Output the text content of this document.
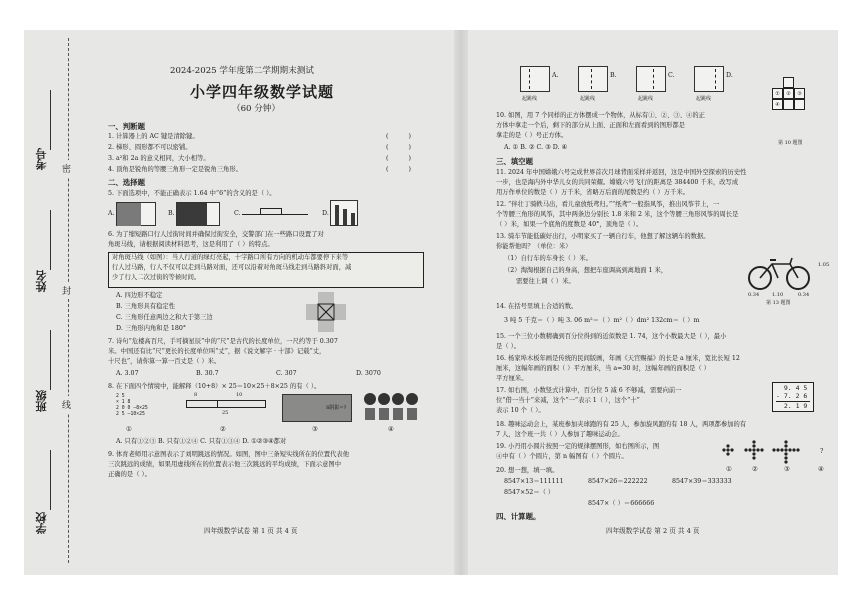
考号
姓名
班级
学校
密
封
线
2024-2025 学年度第二学期期末测试
小学四年级数学试题
（60 分钟）
一、判断题
1. 计算器上的 AC 键是清除键。	(          )
2. 梯形、圆形都不可以密铺。	(          )
3. a²和 2a 的意义相同，大小相等。	(          )
4. 顶角是锐角的等腰三角形一定是锐角三角形。	(          )
二、选择题
5. 下面选项中，不能正确表示 1.64 中“6”的含义的是（ ）。
A.	B.	C.	D.
6. 为了缩短路口行人过街时间并确保过街安全，交警部门在一些路口设置了对
角斑马线，请根据阅读材料思考，这是利用了（ ）的特点。
对角斑马线（如图）：当人行道的绿灯亮起，十字路口所有方向的机动车都要停下来等
行人过马路，行人不仅可以走到马路对面，还可以沿着对角斑马线走到马路斜对面，减
少了行人二次过街的等候时间。
A. 四边形不稳定
B. 三角形具有稳定性
C. 三角形任意两边之和大于第三边
D. 三角形内角和是 180°
7. 诗句“危楼高百尺，手可摘星辰”中的“尺”是古代的长度单位，一尺约等于 0.307
米。中国还有比“尺”更长的长度单位叫“丈”，据《说文解字 · 十部》记载“丈，
十尺也”，请你算一算一百丈是（ ）米。
A. 3.07	B. 30.7	C. 307	D. 3070
8. 在下面四个情境中，能解释（10+8）× 25＝10×25＋8×25 的有（ ）。
2 5
× 1 8
2 0 0 —8×25
2 5 —10×25
8	10
25
S阴影=?
①	②	③	④
A. 只有①②③ B. 只有①②④ C. 只有①③④ D. ①②③④都对
9. 体育老师用示意图表示了刘明跳远的情况。如图，图中三条短实线所在的位置代表他
三次跳远的成绩，如果用虚线所在的位置表示他三次跳远的平均成绩，下面示意图中
正确的是（ ）。
四年级数学试卷 第 1 页 共 4 页
A.
起跳线
B.
起跳线
C.
起跳线
D.
起跳线
①	②	③
④
第 10 题图
10. 如图，用 7 个同样的正方体摆成一个物体，从标有①、②、③、④的正
方体中拿走一个后，剩下的部分从上面、正面和左面看到的图形都是
拿走的是（ ）号正方体。
A. ① B. ② C. ③ D. ④
三、填空题
11. 2024 年中国嫦娥六号完成世界首次月球背面采样并返回，这是中国外空探索的历史性
一步，也是海内外中华儿女的共同荣耀。嫦娥六号飞行的距离是 384400 千米，改写成
用万作单位的数是（ ）万千米，省略万后面的尾数是约（ ）万千米。
12. “伴壮丁骑帙马出，看儿童放纸鸢归。”“纸鸢”一般指风筝，推出风筝节上，一
个等腰三角形的风筝，其中两条边分别长 1.8 米和 2 米，这个等腰三角形风筝的周长是
（ ）米，如果一个底角的度数是 40°，顶角是（ ）。
13. 骑车节能低碳好出行，小明家买了一辆自行车，他想了解这辆车的数据。
你能帮他吗？（单位：米）
（1）自行车的车身长（ ）米。
（2）淘淘根据自己的身高，想把车座调高到离地面 1 米，
需要往上调（ ）米。
0.34	1.10	0.34
1.05
第 13 题图
14. 在括号里填上合适的数。
3 吨 5 千克＝（ ）吨 3. 06 m²＝（ ）m²（ ）dm² 132cm＝（ ）m
15. 一个三位小数精确到百分位得到的近似数是 1. 74，这个小数最大是（ ），最小
是（ ）。
16. 杨家埠木板年画是传统的民间版画，年画《天官赐福》的长是 a 厘米，宽比长短 12
厘米，这幅年画的面积（ ）平方厘米，当 a=30 时，这幅年画的面积是（ ）
平方厘米。
17. 如右图，小数竖式计算中，百分位 5 减 6 不够减，需要向前一
位“借一当十”来减，这个“一”表示 1（ ），这个“十”
表示 10 个（ ）。
9. 4 5
- 7. 2 6
2. 1 9
18. 趣味运动会上，某班参加夹球跑的有 25 人，参加旋风跑的有 18 人，两项都参加的有
7 人，这个班一共（ ）人参加了趣味运动会。
19. 小丹用小圆片按照一定的规律摆图形，如右图所示，图
④中有（ ）个圆片，第 n 幅图有（ ）个圆片。
①	②	③	④
?
20. 想一想，填一填。
8547×13＝111111	8547×26＝222222	8547×39＝333333
8547×52＝（ ）
8547×（ ）＝666666
四、计算题。
四年级数学试卷 第 2 页 共 4 页
